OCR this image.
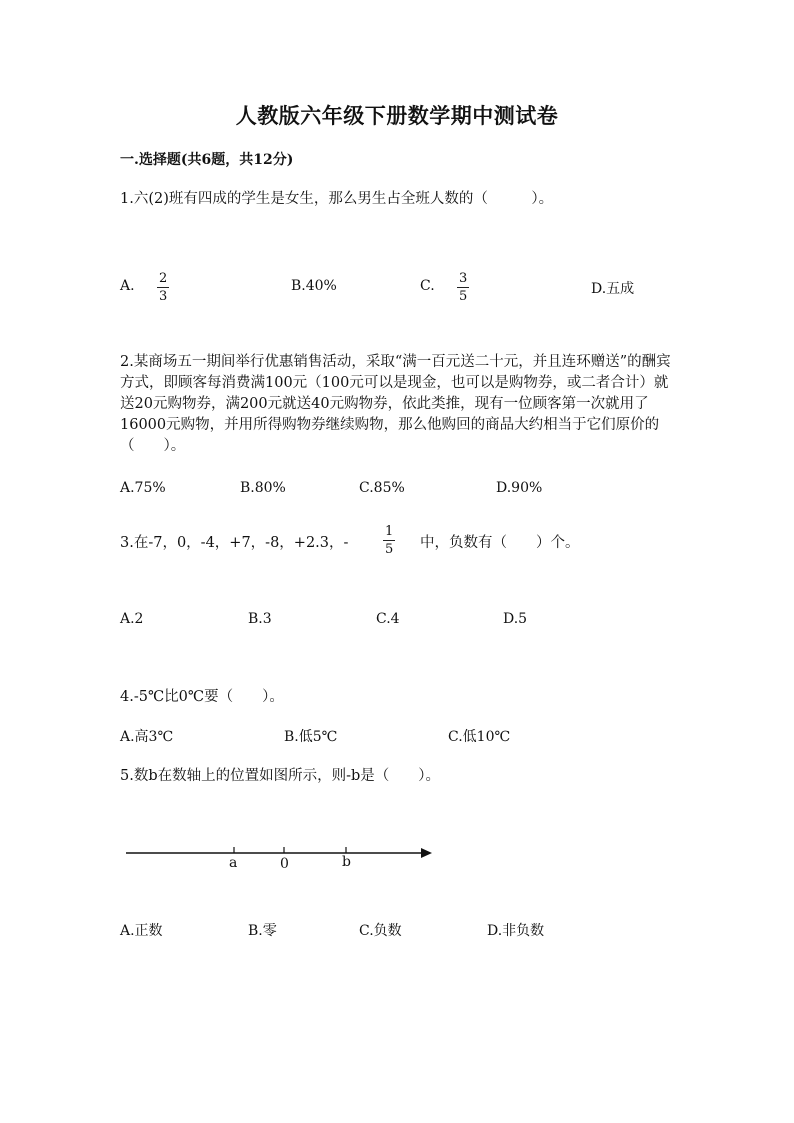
人教版六年级下册数学期中测试卷
一.选择题(共6题，共12分)
1.六(2)班有四成的学生是女生，那么男生占全班人数的（　　　）。
A. 2
3
B.40%	C. 3
5	D.五成
2.某商场五一期间举行优惠销售活动，采取“满一百元送二十元，并且连环赠送”的酬宾方式，即顾客每消费满100元（100元可以是现金，也可以是购物券，或二者合计）就送20元购物券，满200元就送40元购物券，依此类推，现有一位顾客第一次就用了16000元购物，并用所得购物券继续购物，那么他购回的商品大约相当于它们原价的（　　）。
A.75%	B.80%	C.85%	D.90%
3.在-7，0，-4，+7，-8，+2.3，-
1
5 中，负数有（　　）个。
A.2	B.3	C.4	D.5
4.-5℃比0℃要（　　）。
A.高3℃	B.低5℃	C.低10℃
5.数b在数轴上的位置如图所示，则-b是（　　）。
a	0	b
A.正数	B.零	C.负数	D.非负数
